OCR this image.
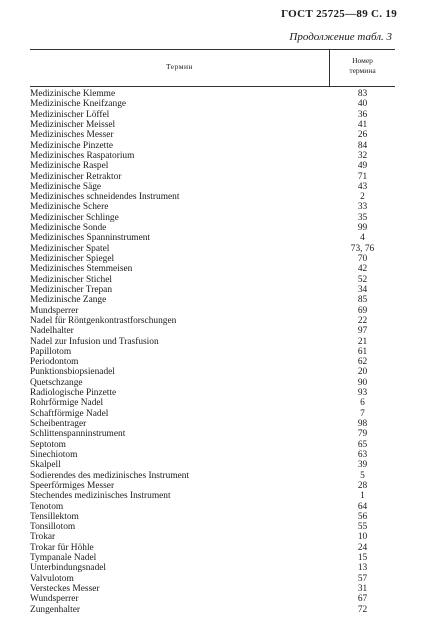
ГОСТ 25725—89 С. 19
Продолжение табл. 3
Термин
Номер
термина
Medizinische Klemme	83
Medizinische Kneifzange	40
Medizinischer Löffel	36
Medizinischer Meissel	41
Medizinisches Messer	26
Medizinische Pinzette	84
Medizinisches Raspatorium	32
Medizinische Raspel	49
Medizinischer Retraktor	71
Medizinische Säge	43
Medizinisches schneidendes Instrument	2
Medizinische Schere	33
Medizinischer Schlinge	35
Medizinische Sonde	99
Medizinisches Spanninstrument	4
Medizinischer Spatel	73, 76
Medizinischer Spiegel	70
Medizinisches Stemmeisen	42
Medizinischer Stichel	52
Medizinischer Trepan	34
Medizinische Zange	85
Mundsperrer	69
Nadel für Röntgenkontrastforschungen	22
Nadelhalter	97
Nadel zur Infusion und Trasfusion	21
Papillotom	61
Periodontom	62
Punktionsbiopsienadel	20
Quetschzange	90
Radiologische Pinzette	93
Rohrförmige Nadel	6
Schaftförmige Nadel	7
Scheibentrager	98
Schlittenspanninstrument	79
Septotom	65
Sinechiotom	63
Skalpell	39
Sodierendes des medizinisches Instrument	5
Speerförmiges Messer	28
Stechendes medizinisches Instrument	1
Tenotom	64
Tensillektom	56
Tonsillotom	55
Trokar	10
Trokar für Höhle	24
Tympanale Nadel	15
Unterbindungsnadel	13
Valvulotom	57
Versteckes Messer	31
Wundsperrer	67
Zungenhalter	72
